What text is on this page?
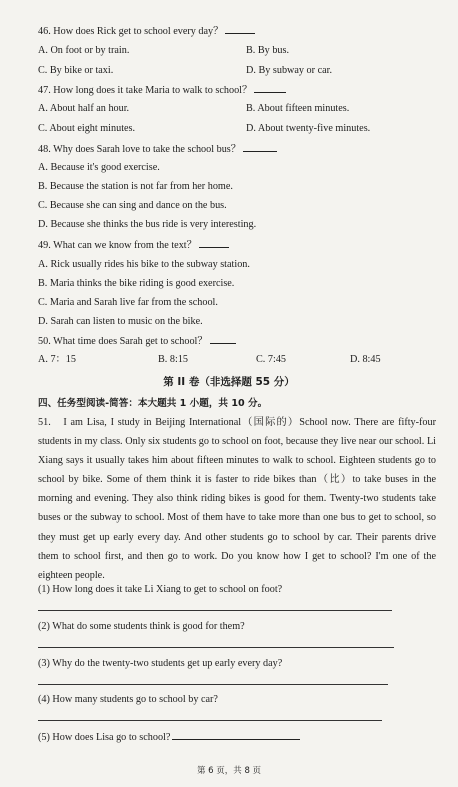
46. How does Rick get to school every day？
A. On foot or by train.	B. By bus.
C. By bike or taxi.	D. By subway or car.
47. How long does it take Maria to walk to school？
A. About half an hour.	B. About fifteen minutes.
C. About eight minutes.	D. About twenty-five minutes.
48. Why does Sarah love to take the school bus？
A. Because it's good exercise.
B. Because the station is not far from her home.
C. Because she can sing and dance on the bus.
D. Because she thinks the bus ride is very interesting.
49. What can we know from the text？
A. Rick usually rides his bike to the subway station.
B. Maria thinks the bike riding is good exercise.
C. Maria and Sarah live far from the school.
D. Sarah can listen to music on the bike.
50. What time does Sarah get to school？
A. 7：15	B. 8:15	C. 7:45	D. 8:45
第 II 卷（非选择题 55 分）
四、任务型阅读-简答：本大题共 1 小题，共 10 分。
51.　I am Lisa, I study in Beijing International（国际的）School now. There are fifty-four students in my class. Only six students go to school on foot, because they live near our school. Li Xiang says it usually takes him about fifteen minutes to walk to school. Eighteen students go to school by bike. Some of them think it is faster to ride bikes than（比）to take buses in the morning and evening. They also think riding bikes is good for them. Twenty-two students take buses or the subway to school. Most of them have to take more than one bus to get to school, so they must get up early every day. And other students go to school by car. Their parents drive them to school first, and then go to work. Do you know how I get to school? I'm one of the eighteen people.
(1) How long does it take Li Xiang to get to school on foot?
(2) What do some students think is good for them?
(3) Why do the twenty-two students get up early every day?
(4) How many students go to school by car?
(5) How does Lisa go to school?
第 6 页，共 8 页
